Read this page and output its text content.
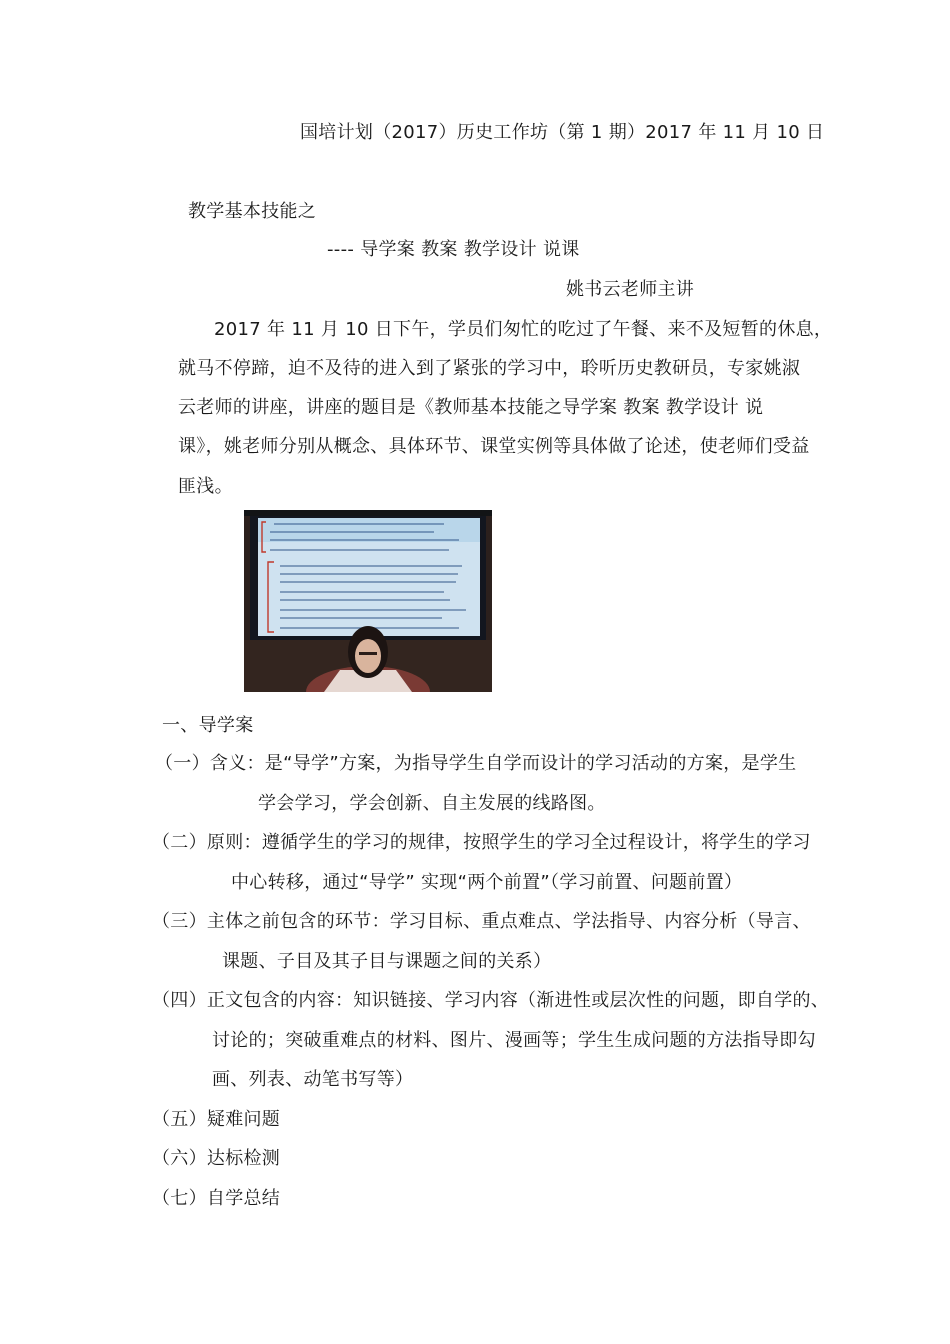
国培计划（2017）历史工作坊（第 1 期）2017 年 11 月 10 日
教学基本技能之
---- 导学案 教案 教学设计 说课
姚书云老师主讲
2017 年 11 月 10 日下午，学员们匆忙的吃过了午餐、来不及短暂的休息，
就马不停蹄，迫不及待的进入到了紧张的学习中，聆听历史教研员，专家姚淑
云老师的讲座，讲座的题目是《教师基本技能之导学案 教案 教学设计 说
课》，姚老师分别从概念、具体环节、课堂实例等具体做了论述，使老师们受益
匪浅。
一、导学案
（一）含义：是“导学”方案，为指导学生自学而设计的学习活动的方案，是学生
学会学习，学会创新、自主发展的线路图。
（二）原则：遵循学生的学习的规律，按照学生的学习全过程设计，将学生的学习
中心转移，通过“导学” 实现“两个前置”（学习前置、问题前置）
（三）主体之前包含的环节：学习目标、重点难点、学法指导、内容分析（导言、
课题、子目及其子目与课题之间的关系）
（四）正文包含的内容：知识链接、学习内容（渐进性或层次性的问题，即自学的、
讨论的；突破重难点的材料、图片、漫画等；学生生成问题的方法指导即勾
画、列表、动笔书写等）
（五）疑难问题
（六）达标检测
（七）自学总结
